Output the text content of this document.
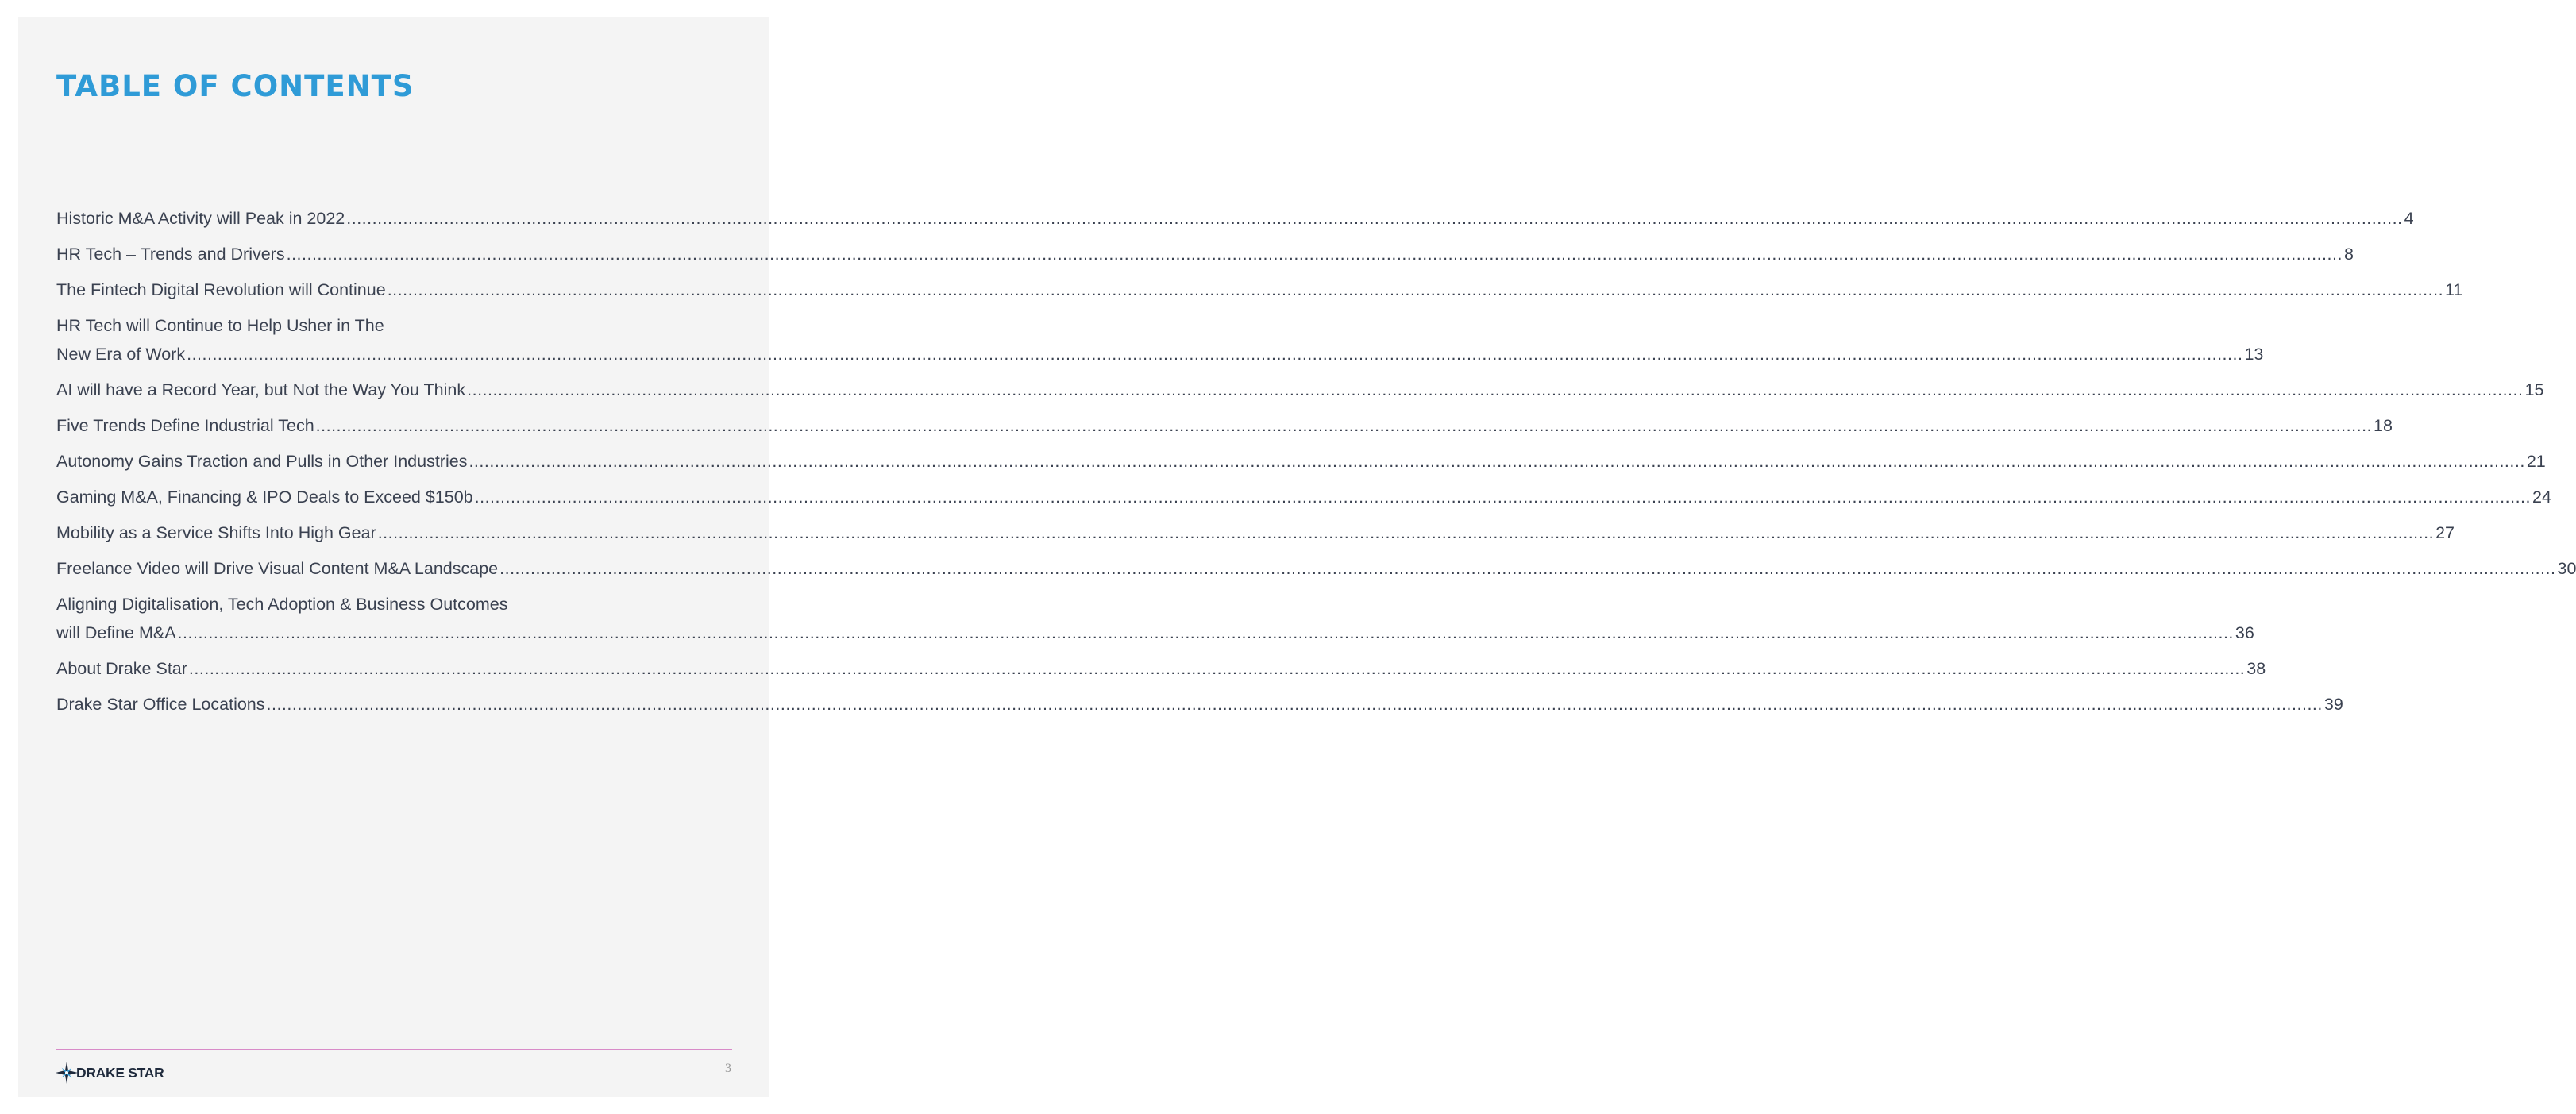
TABLE OF CONTENTS
Historic M&A Activity will Peak in 2022 ................................................................................................................................................................................................................................................................................................................................................................................................................ 4
HR Tech – Trends and Drivers ................................................................................................................................................................................................................................................................................................................................................................................................................ 8
The Fintech Digital Revolution will Continue ................................................................................................................................................................................................................................................................................................................................................................................................................ 11
HR Tech will Continue to Help Usher in The
New Era of Work ................................................................................................................................................................................................................................................................................................................................................................................................................ 13
AI will have a Record Year, but Not the Way You Think ................................................................................................................................................................................................................................................................................................................................................................................................................ 15
Five Trends Define Industrial Tech ................................................................................................................................................................................................................................................................................................................................................................................................................ 18
Autonomy Gains Traction and Pulls in Other Industries ................................................................................................................................................................................................................................................................................................................................................................................................................ 21
Gaming M&A, Financing & IPO Deals to Exceed $150b ................................................................................................................................................................................................................................................................................................................................................................................................................ 24
Mobility as a Service Shifts Into High Gear ................................................................................................................................................................................................................................................................................................................................................................................................................ 27
Freelance Video will Drive Visual Content M&A Landscape ................................................................................................................................................................................................................................................................................................................................................................................................................ 30
Aligning Digitalisation, Tech Adoption & Business Outcomes
will Define M&A ................................................................................................................................................................................................................................................................................................................................................................................................................ 36
About Drake Star ................................................................................................................................................................................................................................................................................................................................................................................................................ 38
Drake Star Office Locations ................................................................................................................................................................................................................................................................................................................................................................................................................ 39
DRAKE STAR	3
